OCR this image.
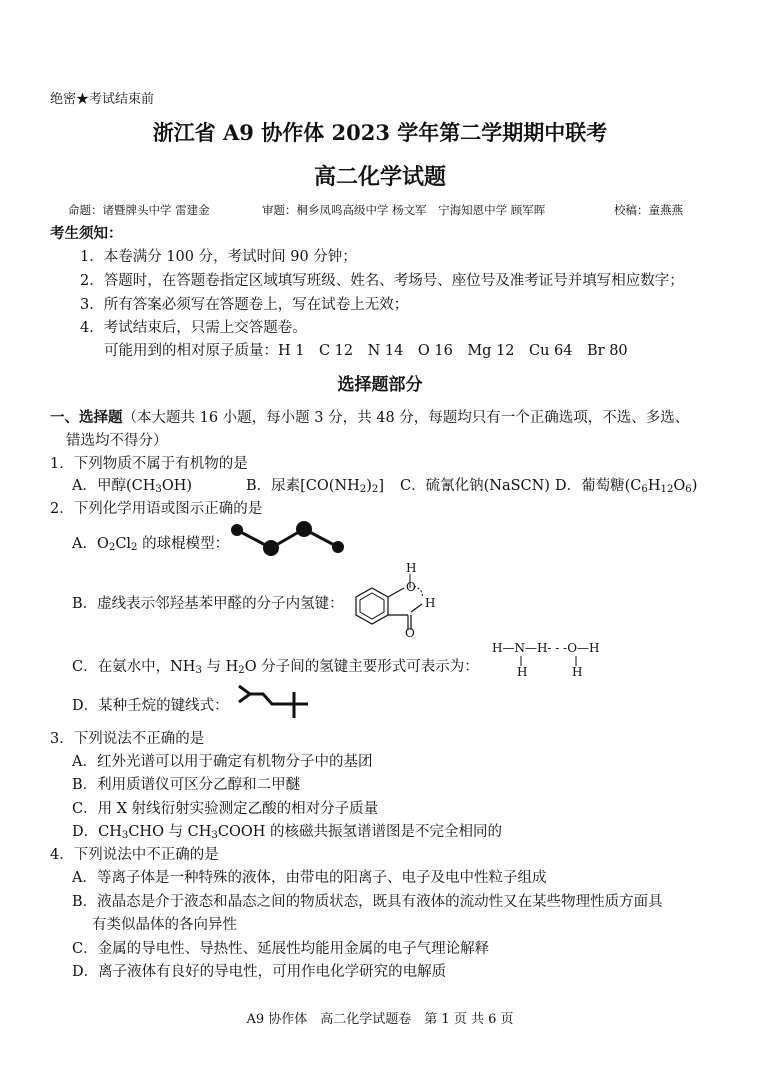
绝密★考试结束前
浙江省 A9 协作体 2023 学年第二学期期中联考
高二化学试题
命题：诸暨牌头中学 雷建金	审题：桐乡凤鸣高级中学 杨文军　宁海知恩中学 顾军晖	校稿：童燕燕
考生须知：
1．本卷满分 100 分，考试时间 90 分钟；
2．答题时，在答题卷指定区域填写班级、姓名、考场号、座位号及准考证号并填写相应数字；
3．所有答案必须写在答题卷上，写在试卷上无效；
4．考试结束后，只需上交答题卷。
可能用到的相对原子质量：H 1　C 12　N 14　O 16　Mg 12　Cu 64　Br 80
选择题部分
一、选择题（本大题共 16 小题，每小题 3 分，共 48 分，每题均只有一个正确选项，不选、多选、
错选均不得分）
1．下列物质不属于有机物的是
A．甲醇$(CH_3OH)$	B．尿素$[CO(NH_2)_2]$ C．硫氰化钠(NaSCN) D．葡萄糖$(C_6H_{12}O_6)$
2．下列化学用语或图示正确的是
A．$O_2Cl_2$ 的球棍模型：
B．虚线表示邻羟基苯甲醛的分子内氢键：
H
O
H
O
C．在氨水中，$NH_3$ 与 $H_2O$ 分子间的氢键主要形式可表示为：
H—N—H- - -O—H
H	H
D．某种壬烷的键线式：
3．下列说法不正确的是
A．红外光谱可以用于确定有机物分子中的基团
B．利用质谱仪可区分乙醇和二甲醚
C．用 X 射线衍射实验测定乙酸的相对分子质量
D．$CH_3CHO$ 与 $CH_3COOH$ 的核磁共振氢谱谱图是不完全相同的
4．下列说法中不正确的是
A．等离子体是一种特殊的液体，由带电的阳离子、电子及电中性粒子组成
B．液晶态是介于液态和晶态之间的物质状态，既具有液体的流动性又在某些物理性质方面具
有类似晶体的各向异性
C．金属的导电性、导热性、延展性均能用金属的电子气理论解释
D．离子液体有良好的导电性，可用作电化学研究的电解质
A9 协作体　高二化学试题卷　第 1 页 共 6 页
